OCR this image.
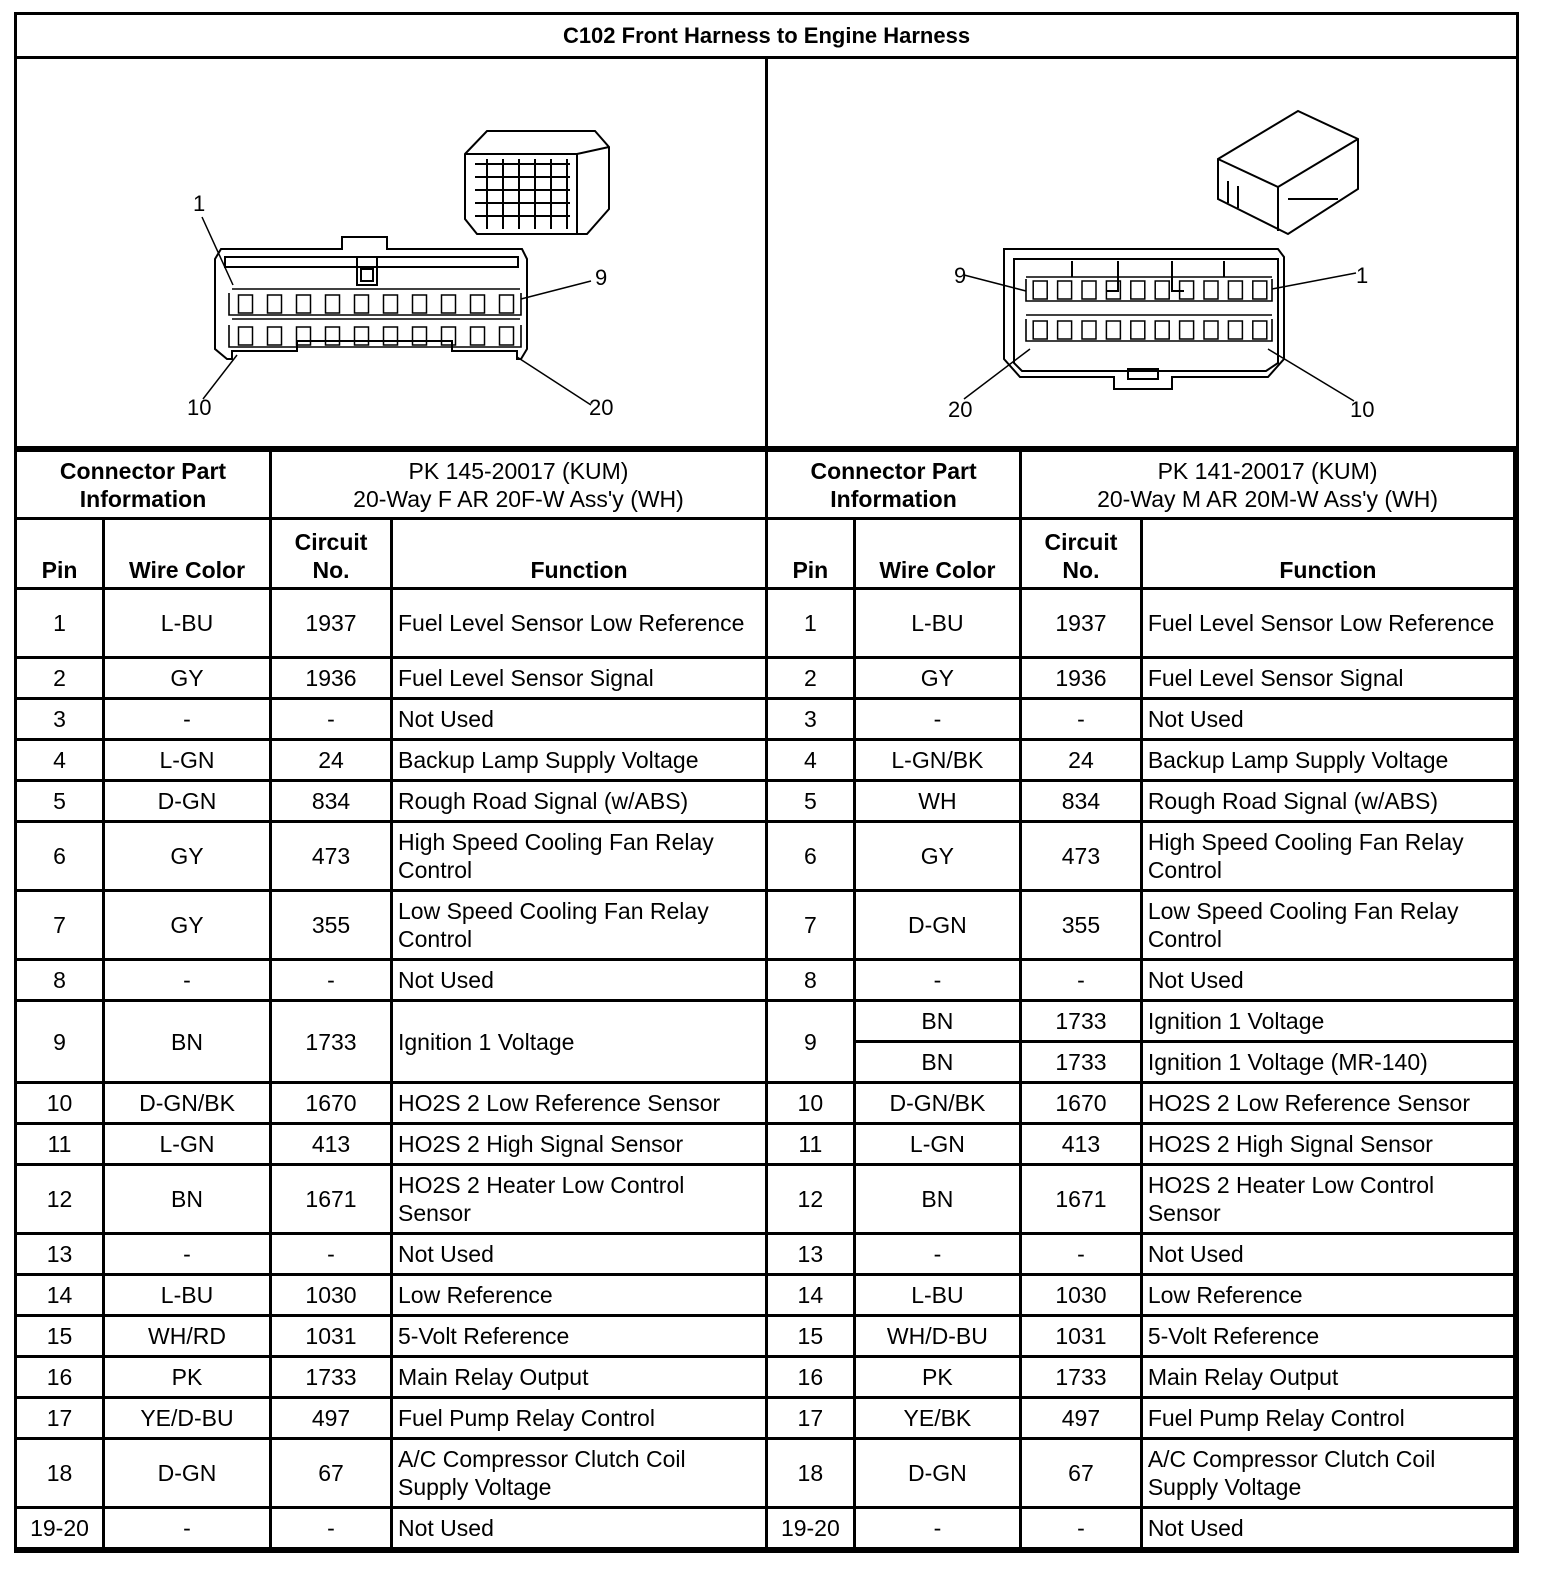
C102 Front Harness to Engine Harness
1
9
10	20
9	1
20	10
Connector Part Information		PK 145-20017 (KUM)
20-Way F AR 20F-W Ass'y (WH)	

Pin	Wire Color	Circuit No.	Function
1	L-BU	1937	Fuel Level Sensor Low Reference
2	GY	1936	Fuel Level Sensor Signal
3	-	-	Not Used
4	L-GN	24	Backup Lamp Supply Voltage
5	D-GN	834	Rough Road Signal (w/ABS)
6	GY	473	High Speed Cooling Fan Relay Control
7	GY	355	Low Speed Cooling Fan Relay Control
8	-	-	Not Used
9	BN	1733	Ignition 1 Voltage
10	D-GN/BK	1670	HO2S 2 Low Reference Sensor
11	L-GN	413	HO2S 2 High Signal Sensor
12	BN	1671	HO2S 2 Heater Low Control Sensor
13	-	-	Not Used
14	L-BU	1030	Low Reference
15	WH/RD	1031	5-Volt Reference
16	PK	1733	Main Relay Output
17	YE/D-BU	497	Fuel Pump Relay Control
18	D-GN	67	A/C Compressor Clutch Coil Supply Voltage
19-20	-	-	Not Used
Connector Part Information		PK 141-20017 (KUM)
20-Way M AR 20M-W Ass'y (WH)	

Pin	Wire Color	Circuit No.	Function
1	L-BU	1937	Fuel Level Sensor Low Reference
2	GY	1936	Fuel Level Sensor Signal
3	-	-	Not Used
4	L-GN/BK	24	Backup Lamp Supply Voltage
5	WH	834	Rough Road Signal (w/ABS)
6	GY	473	High Speed Cooling Fan Relay Control
7	D-GN	355	Low Speed Cooling Fan Relay Control
8	-	-	Not Used
9	BN	1733	Ignition 1 Voltage
	BN	1733	Ignition 1 Voltage (MR-140)
10	D-GN/BK	1670	HO2S 2 Low Reference Sensor
11	L-GN	413	HO2S 2 High Signal Sensor
12	BN	1671	HO2S 2 Heater Low Control Sensor
13	-	-	Not Used
14	L-BU	1030	Low Reference
15	WH/D-BU	1031	5-Volt Reference
16	PK	1733	Main Relay Output
17	YE/BK	497	Fuel Pump Relay Control
18	D-GN	67	A/C Compressor Clutch Coil Supply Voltage
19-20	-	-	Not Used
